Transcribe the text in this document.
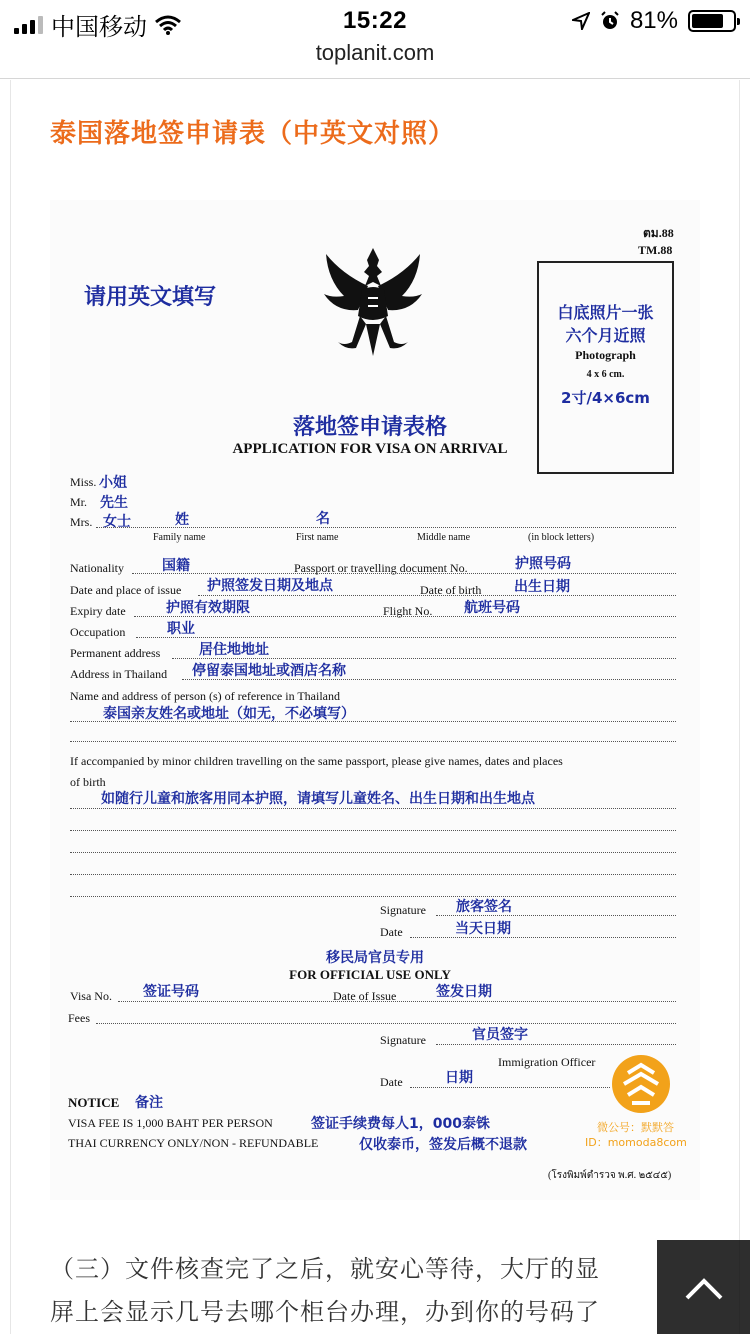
中国移动	15:22	81%
toplanit.com
泰国落地签申请表（中英文对照）
ตม.88
TM.88
请用英文填写
白底照片一张
六个月近照
Photograph
4 x 6 cm.
2寸/4×6cm
落地签申请表格
APPLICATION FOR VISA ON ARRIVAL
Miss. 小姐
Mr. 先生
Mrs. 女士	姓	名
Family name	First name	Middle name	(in block letters)
Nationality	国籍	Passport or travelling document No.	护照号码
Date and place of issue 护照签发日期及地点	Date of birth 出生日期
Expiry date	护照有效期限	Flight No. 航班号码
Occupation	职业
Permanent address	居住地地址
Address in Thailand 停留泰国地址或酒店名称
Name and address of person (s) of reference in Thailand
泰国亲友姓名或地址（如无，不必填写）
If accompanied by minor children travelling on the same passport, please give names, dates and places
of birth
如随行儿童和旅客用同本护照，请填写儿童姓名、出生日期和出生地点
Signature 旅客签名
Date	当天日期
移民局官员专用
FOR OFFICIAL USE ONLY
Visa No. 签证号码	Date of Issue	签发日期
Fees
Signature	官员签字
Immigration Officer
Date	日期
NOTICE 备注
VISA FEE IS 1,000 BAHT PER PERSON	签证手续费每人1，000泰铢
THAI CURRENCY ONLY/NON - REFUNDABLE	仅收泰币，签发后概不退款
(โรงพิมพ์ตำรวจ พ.ศ. ๒๕๔๕)
微公号：默默答
ID：momoda8com
（三）文件核查完了之后，就安心等待，大厅的显
屏上会显示几号去哪个柜台办理，办到你的号码了
